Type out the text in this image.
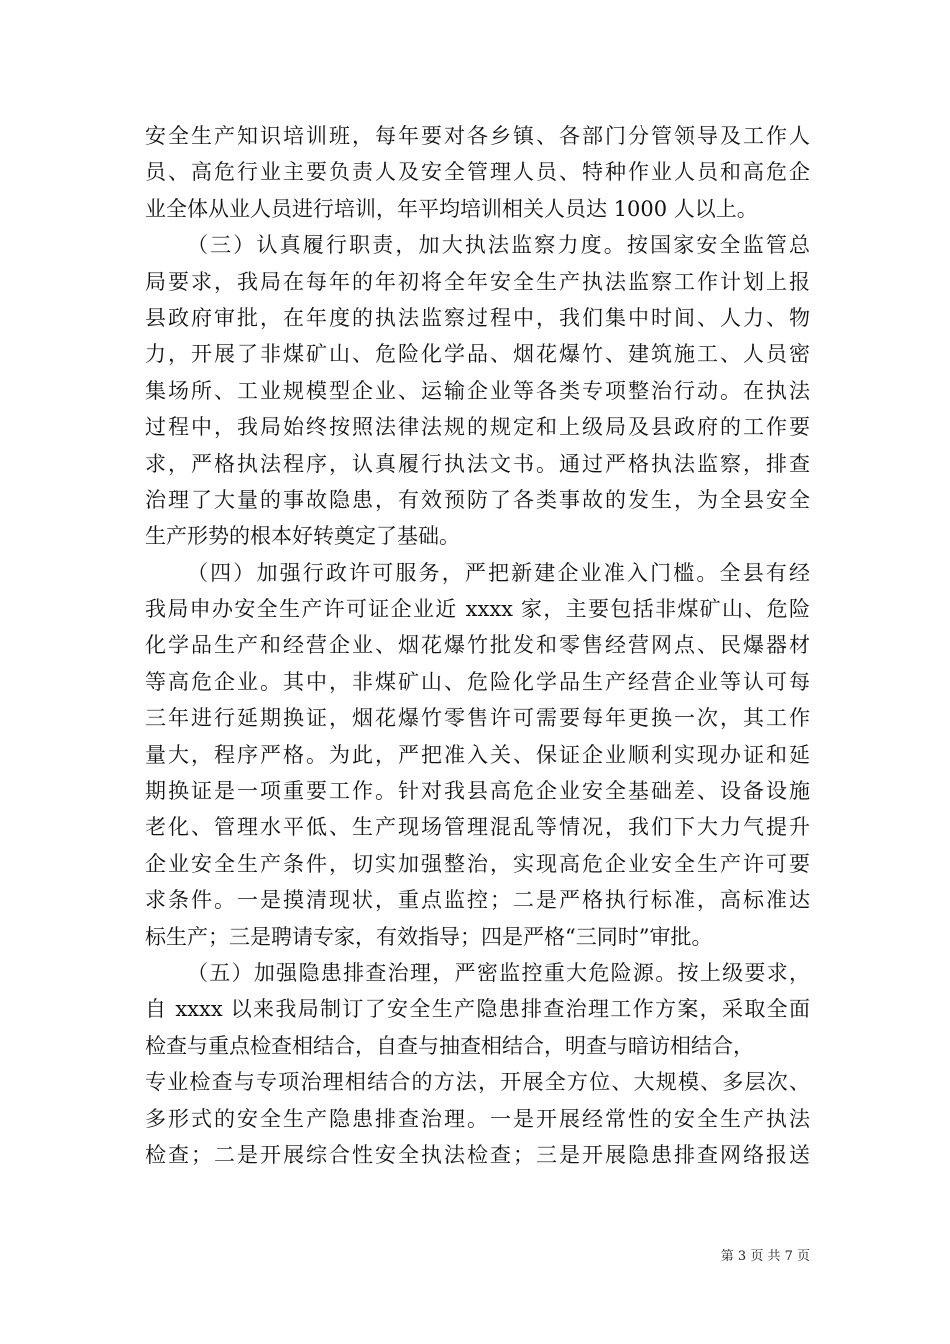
安全生产知识培训班，每年要对各乡镇、各部门分管领导及工作人
员、高危行业主要负责人及安全管理人员、特种作业人员和高危企
业全体从业人员进行培训，年平均培训相关人员达 1000 人以上。
（三）认真履行职责，加大执法监察力度。按国家安全监管总
局要求，我局在每年的年初将全年安全生产执法监察工作计划上报
县政府审批，在年度的执法监察过程中，我们集中时间、人力、物
力，开展了非煤矿山、危险化学品、烟花爆竹、建筑施工、人员密
集场所、工业规模型企业、运输企业等各类专项整治行动。在执法
过程中，我局始终按照法律法规的规定和上级局及县政府的工作要
求，严格执法程序，认真履行执法文书。通过严格执法监察，排查
治理了大量的事故隐患，有效预防了各类事故的发生，为全县安全
生产形势的根本好转奠定了基础。
（四）加强行政许可服务，严把新建企业准入门槛。全县有经
我局申办安全生产许可证企业近 xxxx 家，主要包括非煤矿山、危险
化学品生产和经营企业、烟花爆竹批发和零售经营网点、民爆器材
等高危企业。其中，非煤矿山、危险化学品生产经营企业等认可每
三年进行延期换证，烟花爆竹零售许可需要每年更换一次，其工作
量大，程序严格。为此，严把准入关、保证企业顺利实现办证和延
期换证是一项重要工作。针对我县高危企业安全基础差、设备设施
老化、管理水平低、生产现场管理混乱等情况，我们下大力气提升
企业安全生产条件，切实加强整治，实现高危企业安全生产许可要
求条件。一是摸清现状，重点监控；二是严格执行标准，高标准达
标生产；三是聘请专家，有效指导；四是严格“三同时”审批。
（五）加强隐患排查治理，严密监控重大危险源。按上级要求，
自 xxxx 以来我局制订了安全生产隐患排查治理工作方案，采取全面
检查与重点检查相结合，自查与抽查相结合，明查与暗访相结合，
专业检查与专项治理相结合的方法，开展全方位、大规模、多层次、
多形式的安全生产隐患排查治理。一是开展经常性的安全生产执法
检查；二是开展综合性安全执法检查；三是开展隐患排查网络报送
第 3 页 共 7 页
